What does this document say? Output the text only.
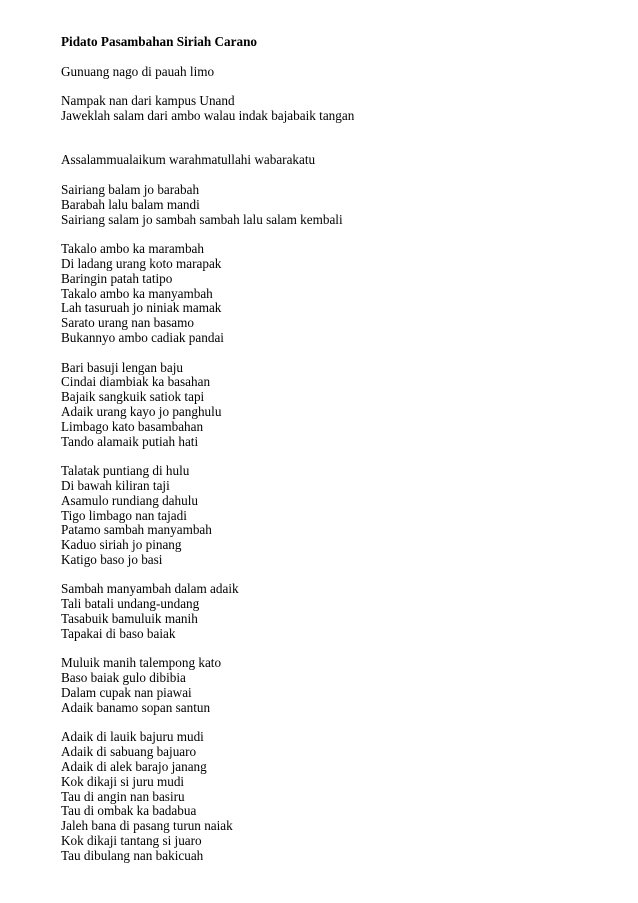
Pidato Pasambahan Siriah Carano
Gunuang nago di pauah limo
Nampak nan dari kampus Unand
Jaweklah salam dari ambo walau indak bajabaik tangan
Assalammualaikum warahmatullahi wabarakatu
Sairiang balam jo barabah
Barabah lalu balam mandi
Sairiang salam jo sambah sambah lalu salam kembali
Takalo ambo ka marambah
Di ladang urang koto marapak
Baringin patah tatipo
Takalo ambo ka manyambah
Lah tasuruah jo niniak mamak
Sarato urang nan basamo
Bukannyo ambo cadiak pandai
Bari basuji lengan baju
Cindai diambiak ka basahan
Bajaik sangkuik satiok tapi
Adaik urang kayo jo panghulu
Limbago kato basambahan
Tando alamaik putiah hati
Talatak puntiang di hulu
Di bawah kiliran taji
Asamulo rundiang dahulu
Tigo limbago nan tajadi
Patamo sambah manyambah
Kaduo siriah jo pinang
Katigo baso jo basi
Sambah manyambah dalam adaik
Tali batali undang-undang
Tasabuik bamuluik manih
Tapakai di baso baiak
Muluik manih talempong kato
Baso baiak gulo dibibia
Dalam cupak nan piawai
Adaik banamo sopan santun
Adaik di lauik bajuru mudi
Adaik di sabuang bajuaro
Adaik di alek barajo janang
Kok dikaji si juru mudi
Tau di angin nan basiru
Tau di ombak ka badabua
Jaleh bana di pasang turun naiak
Kok dikaji tantang si juaro
Tau dibulang nan bakicuah
